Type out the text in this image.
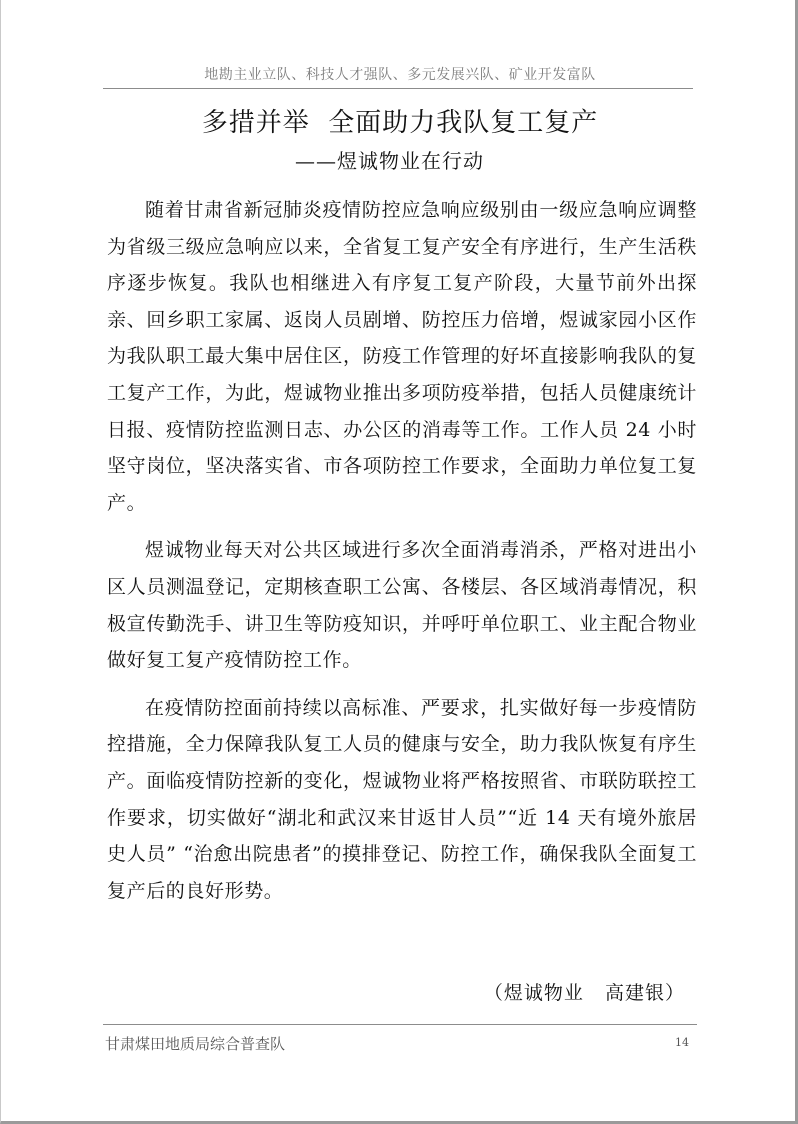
地勘主业立队、科技人才强队、多元发展兴队、矿业开发富队
多措并举  全面助力我队复工复产
——煜诚物业在行动

随着甘肃省新冠肺炎疫情防控应急响应级别由一级应急响应调整为省级三级应急响应以来，全省复工复产安全有序进行，生产生活秩序逐步恢复。我队也相继进入有序复工复产阶段，大量节前外出探亲、回乡职工家属、返岗人员剧增、防控压力倍增，煜诚家园小区作为我队职工最大集中居住区，防疫工作管理的好坏直接影响我队的复工复产工作，为此，煜诚物业推出多项防疫举措，包括人员健康统计日报、疫情防控监测日志、办公区的消毒等工作。工作人员 24 小时坚守岗位，坚决落实省、市各项防控工作要求，全面助力单位复工复产。

煜诚物业每天对公共区域进行多次全面消毒消杀，严格对进出小区人员测温登记，定期核查职工公寓、各楼层、各区域消毒情况，积极宣传勤洗手、讲卫生等防疫知识，并呼吁单位职工、业主配合物业做好复工复产疫情防控工作。

在疫情防控面前持续以高标准、严要求，扎实做好每一步疫情防控措施，全力保障我队复工人员的健康与安全，助力我队恢复有序生产。面临疫情防控新的变化，煜诚物业将严格按照省、市联防联控工作要求，切实做好“湖北和武汉来甘返甘人员”“近 14 天有境外旅居史人员” “治愈出院患者”的摸排登记、防控工作，确保我队全面复工复产后的良好形势。

（煜诚物业   高建银）
甘肃煤田地质局综合普查队	14
